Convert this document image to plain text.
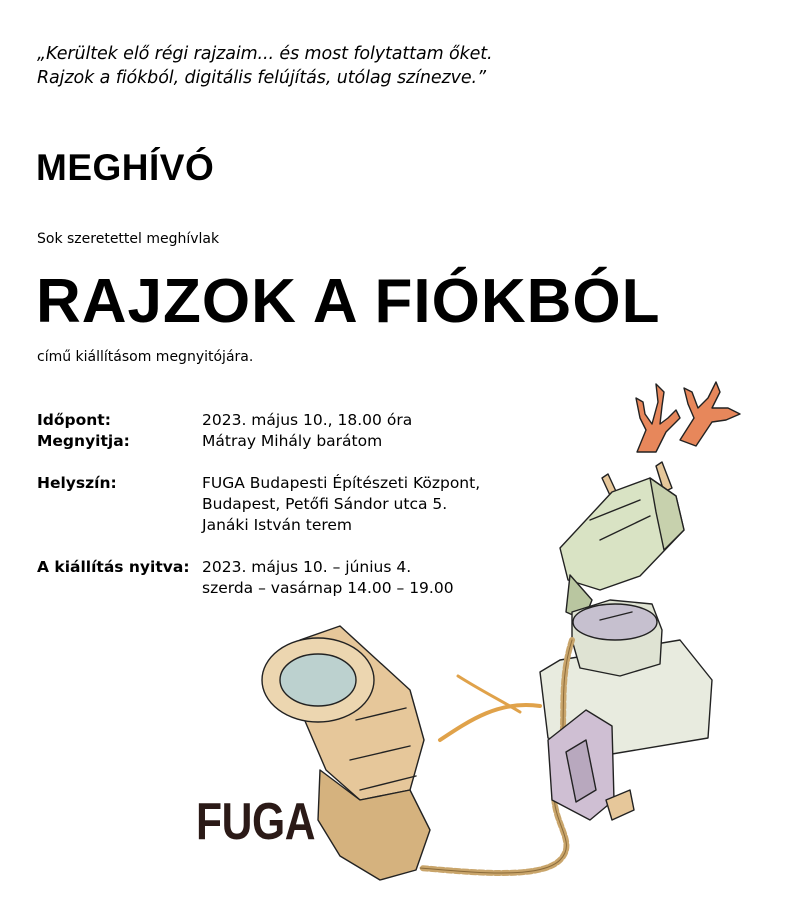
„Kerültek elő régi rajzaim... és most folytattam őket.
Rajzok a fiókból, digitális felújítás, utólag színezve.”
MEGHÍVÓ
Sok szeretettel meghívlak
RAJZOK A FIÓKBÓL
című kiállításom megnyitójára.
Időpont:	2023. május 10., 18.00 óra
Megnyitja:	Mátray Mihály barátom
Helyszín:	FUGA Budapesti Építészeti Központ,
Budapest, Petőfi Sándor utca 5.
Janáki István terem
A kiállítás nyitva: 2023. május 10. – június 4.
szerda – vasárnap 14.00 – 19.00
FUGA
